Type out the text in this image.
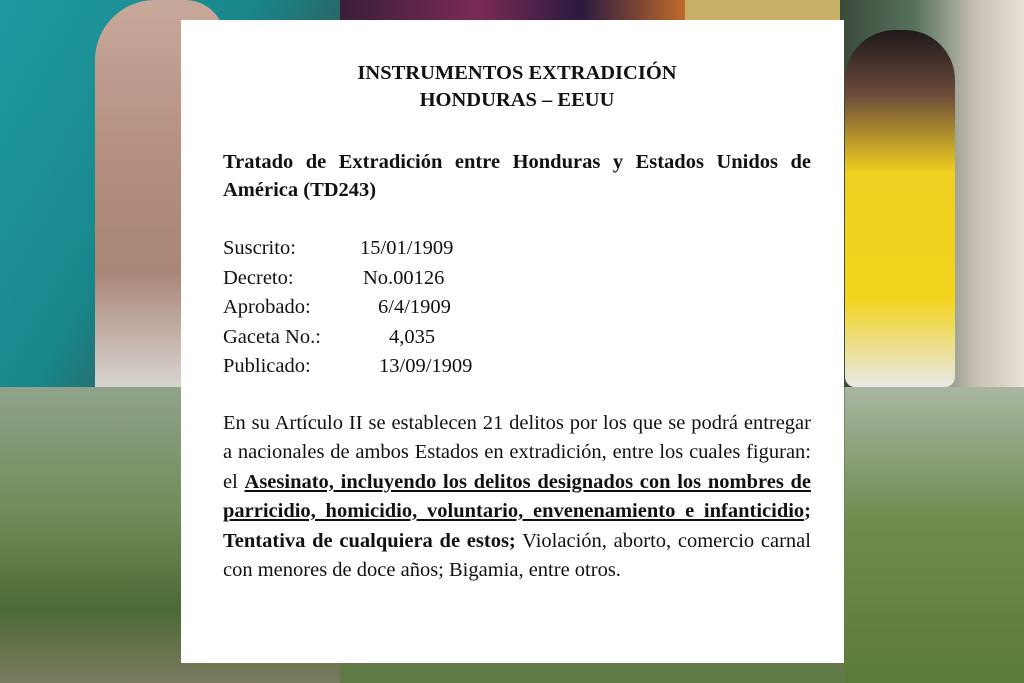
INSTRUMENTOS EXTRADICIÓN
HONDURAS – EEUU

Tratado de Extradición entre Honduras y Estados Unidos de América (TD243)

Suscrito:	15/01/1909
Decreto:	No.00126
Aprobado:	6/4/1909
Gaceta No.:	4,035
Publicado:	13/09/1909

En su Artículo II se establecen 21 delitos por los que se podrá entregar a nacionales de ambos Estados en extradición, entre los cuales figuran: el Asesinato, incluyendo los delitos designados con los nombres de parricidio, homicidio, voluntario, envenenamiento e infanticidio; Tentativa de cualquiera de estos; Violación, aborto, comercio carnal con menores de doce años; Bigamia, entre otros.
